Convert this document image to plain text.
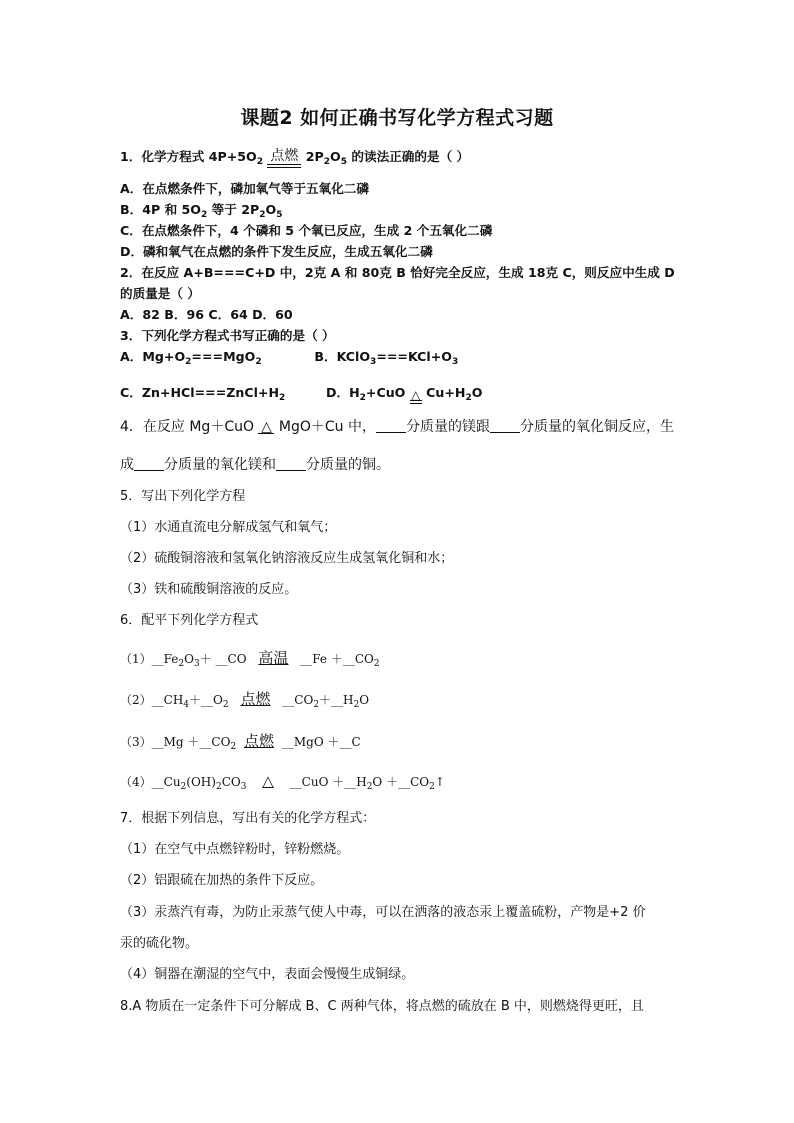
课题2 如何正确书写化学方程式习题
1．化学方程式 $4P+5O_2$ 点燃 $2P_2O_5$ 的读法正确的是（ ）
A．在点燃条件下，磷加氧气等于五氧化二磷
B．4P 和 $5O_2$ 等于 $2P_2O_5$
C．在点燃条件下，4 个磷和 5 个氧已反应，生成 2 个五氧化二磷
D．磷和氧气在点燃的条件下发生反应，生成五氧化二磷
2．在反应 A+B===C+D 中，2克 A 和 80克 B 恰好完全反应，生成 18克 C，则反应中生成 D
的质量是（ ）
A．82 B．96 C．64 D．60
3．下列化学方程式书写正确的是（ ）
A．$Mg+O_2===MgO_2$	B．$KClO_3===KCl+O_3$
C．$Zn+HCl===ZnCl+H_2$	D．$H_2+CuO$ △ $Cu+H_2O$
4．在反应 Mg＋CuO △ MgO＋Cu 中， 分质量的镁跟 分质量的氧化铜反应，生
成 分质量的氧化镁和 分质量的铜。
5．写出下列化学方程
（1）水通直流电分解成氢气和氧气；
（2）硫酸铜溶液和氢氧化钠溶液反应生成氢氧化铜和水；
（3）铁和硫酸铜溶液的反应。
6．配平下列化学方程式
$(1)\_\_Fe_2O_3+$ __CO 高温 __Fe $+\_\_CO_2$
$(2)\_\_CH_4+\_\_O_2$ 点燃 $\_\_CO_2+\_\_H_2O$
（3）__Mg $+\_\_CO_2$ 点燃 __MgO ＋__C
$(4)\_\_Cu_2(OH)_2CO_3$ △ __CuO $+\_\_H_2O$ $+\_\_CO_2↑$
7．根据下列信息，写出有关的化学方程式：
（1）在空气中点燃锌粉时，锌粉燃烧。
（2）铝跟硫在加热的条件下反应。
（3）汞蒸汽有毒，为防止汞蒸气使人中毒，可以在洒落的液态汞上覆盖硫粉，产物是+2 价
汞的硫化物。
（4）铜器在潮湿的空气中，表面会慢慢生成铜绿。
8.A 物质在一定条件下可分解成 B、C 两种气体，将点燃的硫放在 B 中，则燃烧得更旺，且
